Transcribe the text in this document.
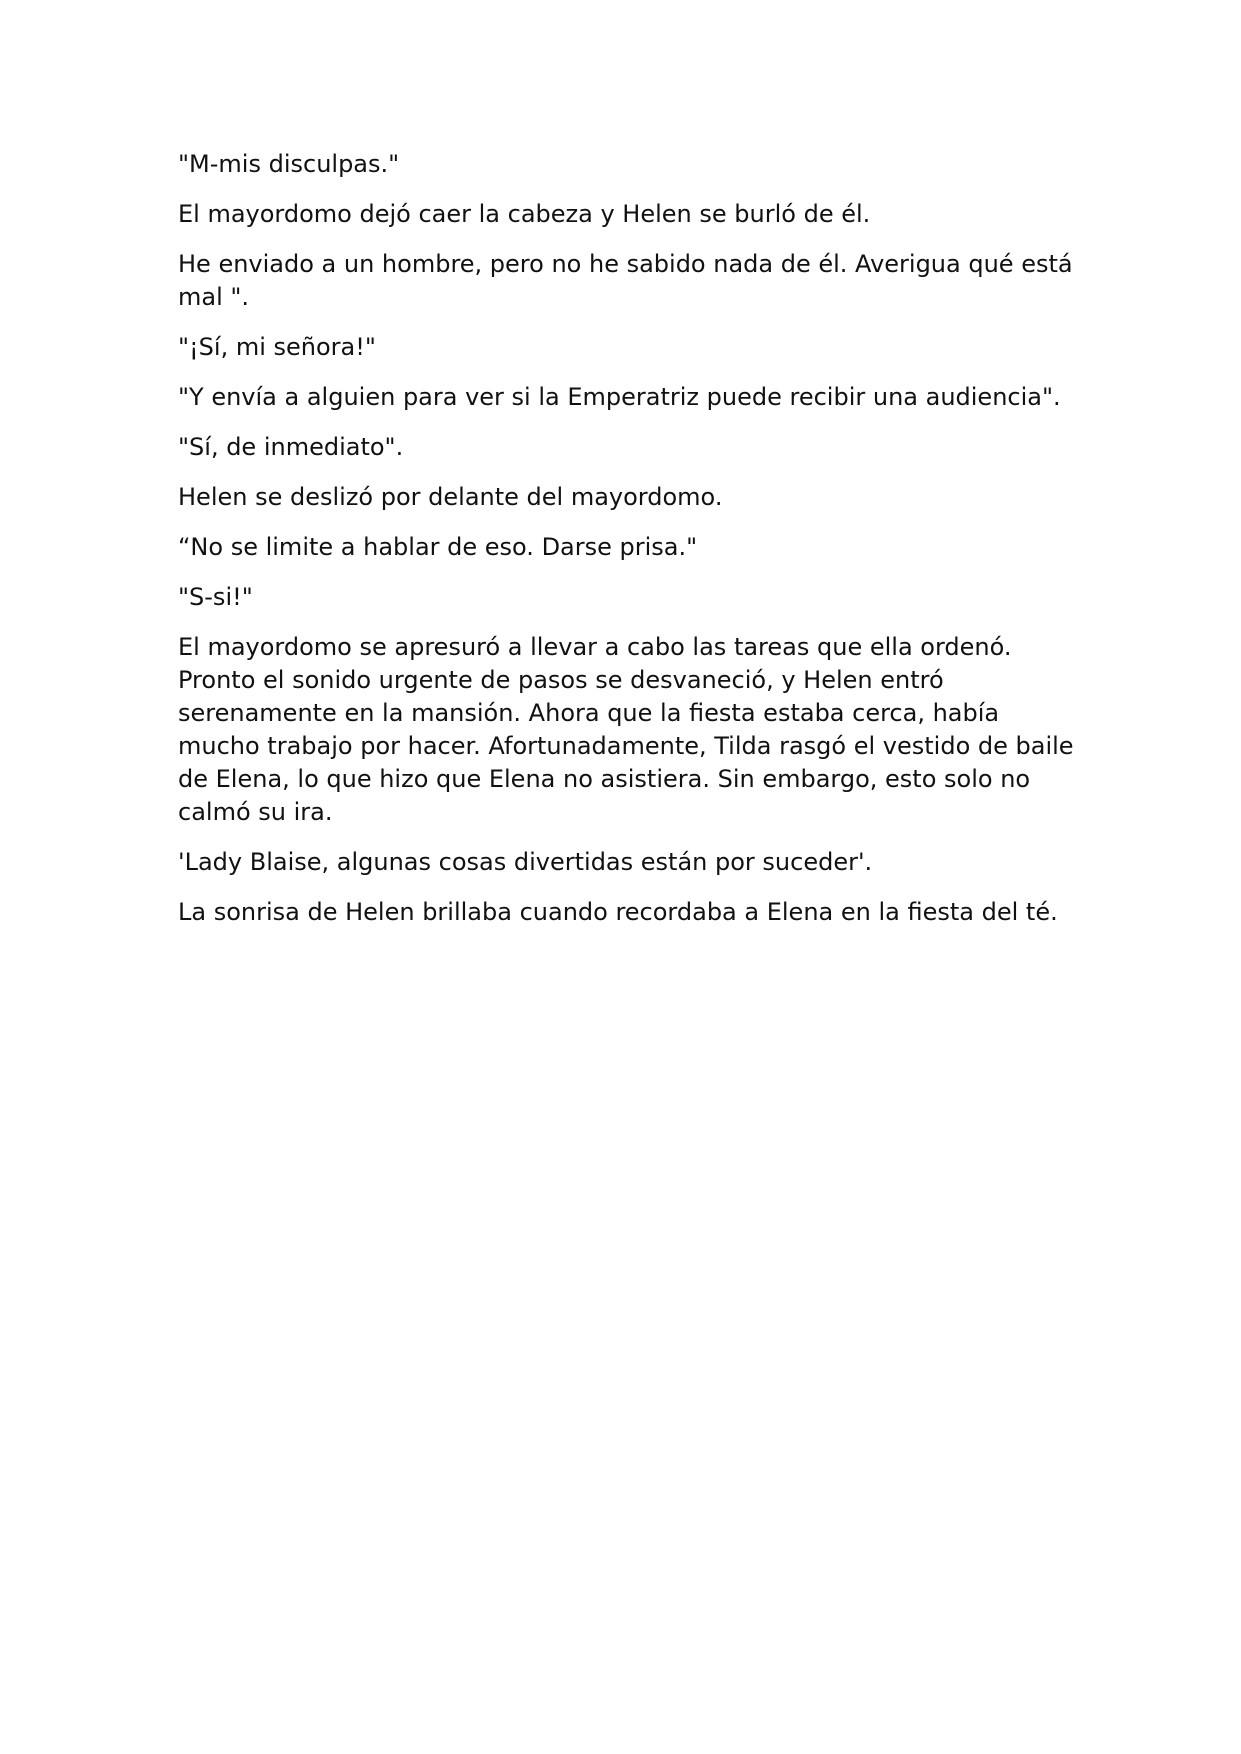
"M-mis disculpas."

El mayordomo dejó caer la cabeza y Helen se burló de él.

He enviado a un hombre, pero no he sabido nada de él. Averigua qué está mal ".

"¡Sí, mi señora!"

"Y envía a alguien para ver si la Emperatriz puede recibir una audiencia".

"Sí, de inmediato".

Helen se deslizó por delante del mayordomo.

“No se limite a hablar de eso. Darse prisa."

"S-si!"

El mayordomo se apresuró a llevar a cabo las tareas que ella ordenó. Pronto el sonido urgente de pasos se desvaneció, y Helen entró serenamente en la mansión. Ahora que la fiesta estaba cerca, había mucho trabajo por hacer. Afortunadamente, Tilda rasgó el vestido de baile de Elena, lo que hizo que Elena no asistiera. Sin embargo, esto solo no calmó su ira.

'Lady Blaise, algunas cosas divertidas están por suceder'.

La sonrisa de Helen brillaba cuando recordaba a Elena en la fiesta del té.
